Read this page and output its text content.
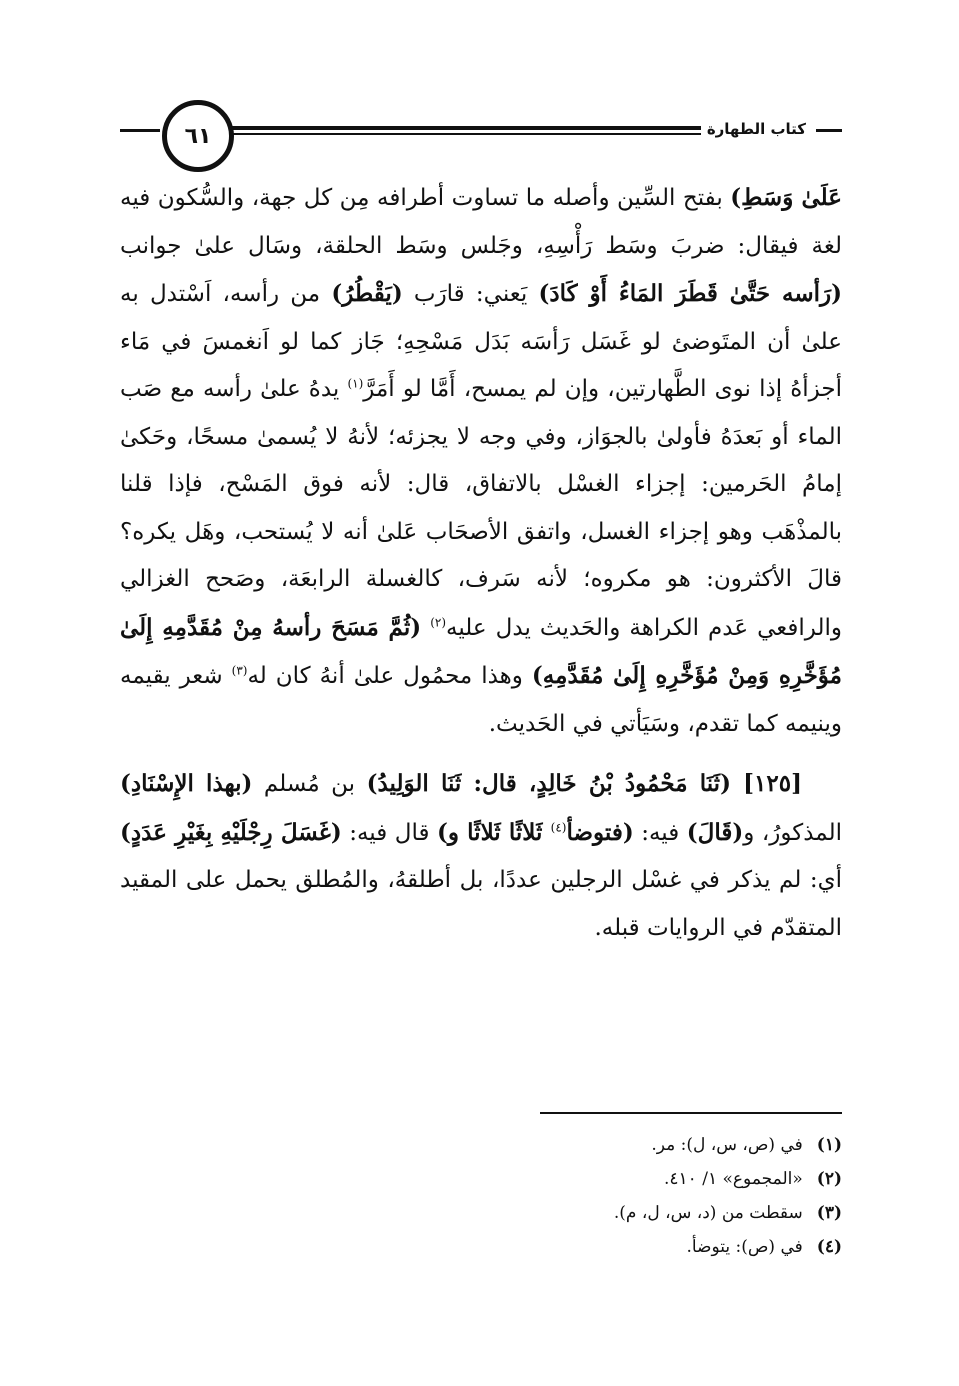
٦١	كتاب الطهارة

عَلَىٰ وَسَطِ) بفتح السِّين وأصله ما تساوت أطرافه مِن كل جهة، والسُّكون فيه لغة فيقال: ضربَ وسَط رَأْسِهِ، وجَلس وسَط الحلقة، وسَال علىٰ جوانب (رَأسه حَتَّىٰ قَطَرَ المَاءُ أَوْ كَادَ) يَعني: قارَب (يَقْطُرُ) من رأسه، اَسْتدل به علىٰ أن المتَوضئ لو غَسَل رَأسَه بَدَل مَسْحِهِ؛ جَاز كما لو اَنغمسَ في مَاء أجزأهُ إذا نوى الطَّهارتين، وإن لم يمسح، أَمَّا لو أَمَرَّ$^{(١)}$ يدهُ علىٰ رأسه مع صَب الماء أو بَعدَهُ فأولىٰ بالجوَاز، وفي وجه لا يجزئه؛ لأنهُ لا يُسمىٰ مسحًا، وحَكىٰ إمامُ الحَرمين: إجزاء الغسْل بالاتفاق، قال: لأنه فوق المَسْح، فإذا قلنا بالمذْهَب وهو إجزاء الغسل، واتفق الأصحَاب عَلىٰ أنه لا يُستحب، وهَل يكره؟ قالَ الأكثرون: هو مكروه؛ لأنه سَرف، كالغسلة الرابعَة، وصَحح الغزالي والرافعي عَدم الكراهة والحَديث يدل عليه$^{(٢)}$ (ثُمَّ مَسَحَ رأسهُ مِنْ مُقَدَّمِهِ إِلَىٰ مُؤَخَّرِهِ وَمِنْ مُؤَخَّرِهِ إِلَىٰ مُقَدَّمِهِ) وهذا محمُول علىٰ أنهُ كان له$^{(٣)}$ شعر يقيمه وينيمه كما تقدم، وسَيَأتي في الحَديث.

[١٢٥] (ثَنَا مَحْمُودُ بْنُ خَالِدٍ، قال: ثَنَا الوَلِيدُ) بن مُسلم (بهذا الإِسْنَادِ) المذكورُ، و(قَالَ) فيه: (فتوضأ$^{(٤)}$ ثَلاثًا ثَلاثًا و) قال فيه: (غَسَلَ رِجْلَيْهِ بِغَيْرِ عَدَدٍ) أي: لم يذكر في غسْل الرجلين عددًا، بل أطلقهُ، والمُطلق يحمل على المقيد المتقدّم في الروايات قبله.

(١)في (ص، س، ل): مر.

(٢)«المجموع» ١/ ٤١٠.

(٣)سقطت من (د، س، ل، م).

(٤)في (ص): يتوضأ.
